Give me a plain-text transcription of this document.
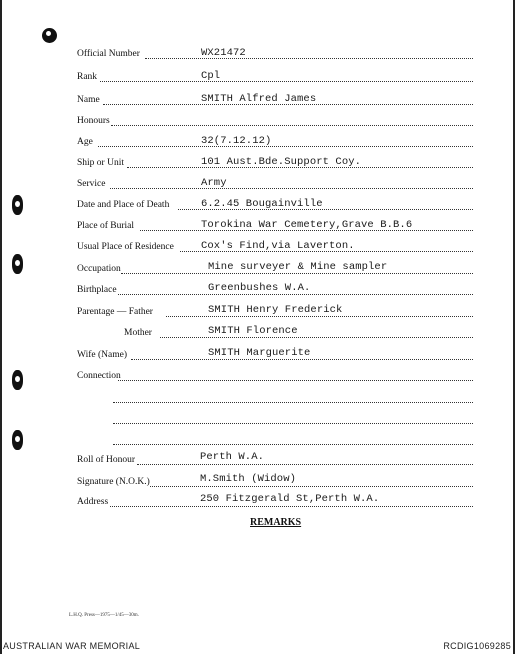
Official Number	WX21472
Rank	Cpl
Name	SMITH Alfred James
Honours
Age	32(7.12.12)
Ship or Unit	101 Aust.Bde.Support Coy.
Service	Army
Date and Place of Death	6.2.45 Bougainville
Place of Burial	Torokina War Cemetery,Grave B.B.6
Usual Place of Residence	Cox's Find,via Laverton.
Occupation	Mine surveyer & Mine sampler
Birthplace	Greenbushes W.A.
Parentage — Father	SMITH Henry Frederick
Mother	SMITH Florence
Wife (Name)	SMITH Marguerite
Connection
Roll of Honour	Perth W.A.
Signature (N.O.K.)	M.Smith (Widow)
Address	250 Fitzgerald St,Perth W.A.
REMARKS
L.H.Q. Press—1975—1/45—30m.
AUSTRALIAN WAR MEMORIAL	RCDIG1069285
